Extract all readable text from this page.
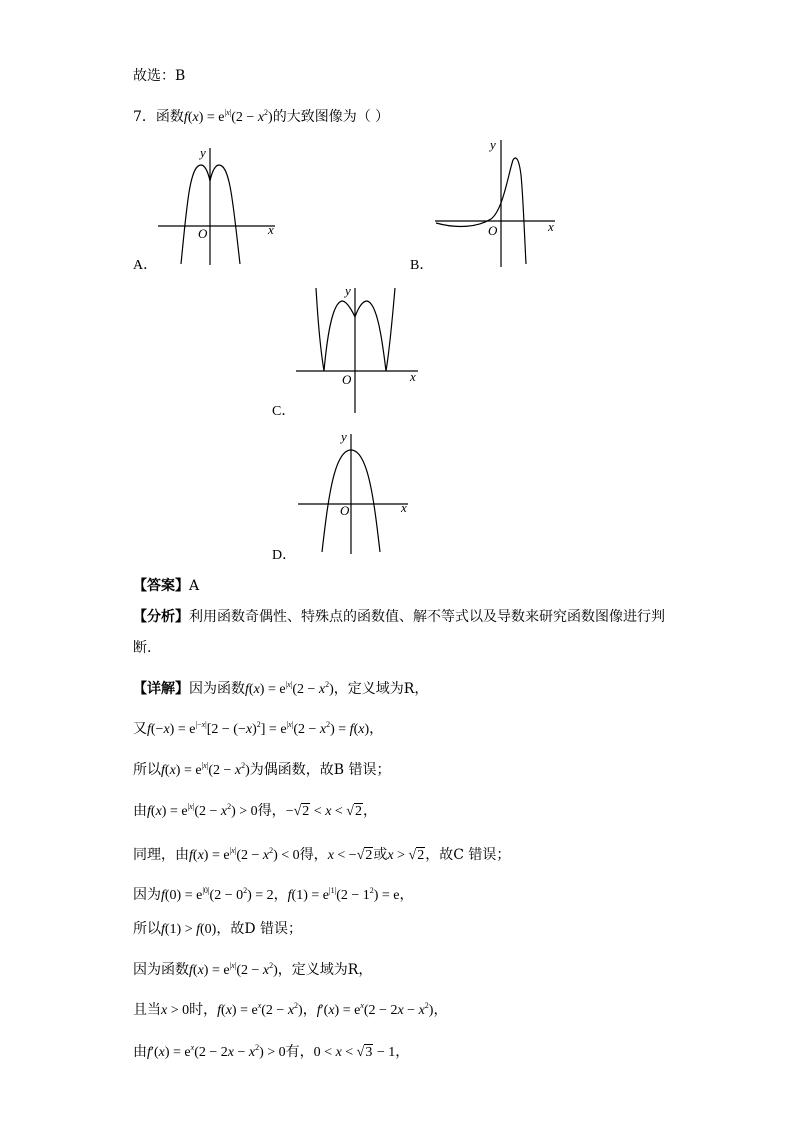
故选：B
7．函数$f(x) = e^{|x|}(2 - x^2)$的大致图像为（ ）
y
x
O
A．
y
x
O
B．
y
x
O
C．
y
x
O
D．
【答案】A
【分析】利用函数奇偶性、特殊点的函数值、解不等式以及导数来研究函数图像进行判
断.
【详解】因为函数$f(x) = e^{|x|}(2 - x^2)$，定义域为R，
又$f(-x) = e^{|-x|}[2 - (-x)^2] = e^{|x|}(2 - x^2) = f(x)$，
所以$f(x) = e^{|x|}(2 - x^2)$为偶函数，故B 错误；
由$f(x) = e^{|x|}(2 - x^2) > 0$得，−√2 < x < √2，
同理，由$f(x) = e^{|x|}(2 - x^2) < 0$得，x < −√2或x > √2，故C 错误；
因为$f(0) = e^{|0|}(2 - 0^2) = 2$，$f(1) = e^{|1|}(2 - 1^2) = e$，
所以f(1) > f(0)，故D 错误；
因为函数$f(x) = e^{|x|}(2 - x^2)$，定义域为R，
且当x > 0时，$f(x) = e^x(2 - x^2)$，$f'(x) = e^x(2 - 2x - x^2)$，
由$f'(x) = e^x(2 - 2x - x^2) > 0$有，0 < x < √3 − 1，
